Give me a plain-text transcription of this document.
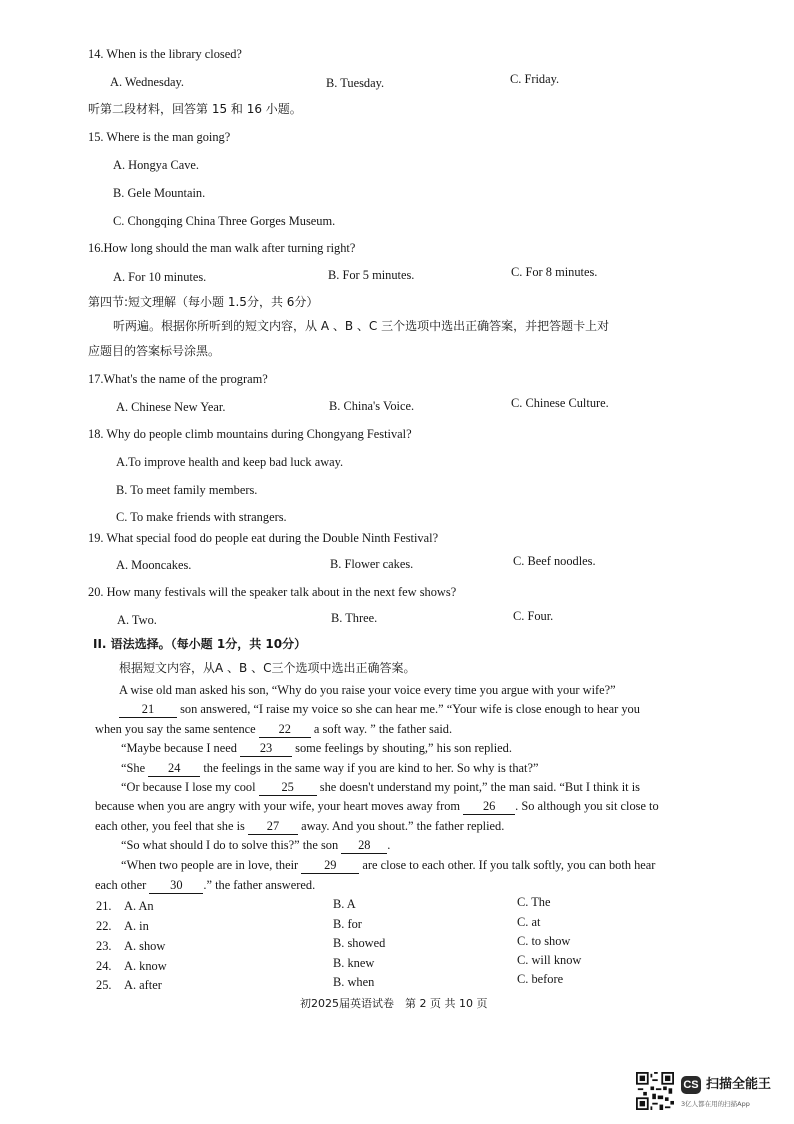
14. When is the library closed?
A. Wednesday.	B. Tuesday.	C. Friday.
听第二段材料，回答第 15 和 16 小题。
15. Where is the man going?
A. Hongya Cave.
B. Gele Mountain.
C. Chongqing China Three Gorges Museum.
16.How long should the man walk after turning right?
A. For 10 minutes.	B. For 5 minutes.	C. For 8 minutes.
第四节:短文理解（每小题 1.5分，共 6分）
听两遍。根据你所听到的短文内容，从 A 、B 、C 三个选项中选出正确答案，并把答题卡上对
应题目的答案标号涂黑。
17.What's the name of the program?
A. Chinese New Year.	B. China's Voice.	C. Chinese Culture.
18. Why do people climb mountains during Chongyang Festival?
A.To improve health and keep bad luck away.
B. To meet family members.
C. To make friends with strangers.
19. What special food do people eat during the Double Ninth Festival?
A. Mooncakes.	B. Flower cakes.	C. Beef noodles.
20. How many festivals will the speaker talk about in the next few shows?
A. Two.	B. Three.	C. Four.
II. 语法选择。（每小题 1分，共 10分）
根据短文内容，从A 、B 、C三个选项中选出正确答案。
A wise old man asked his son, “Why do you raise your voice every time you argue with your wife?”
21 son answered, “I raise my voice so she can hear me.” “Your wife is close enough to hear you
when you say the same sentence 22 a soft way. ” the father said.
“Maybe because I need 23 some feelings by shouting,” his son replied.
“She 24 the feelings in the same way if you are kind to her. So why is that?”
“Or because I lose my cool 25 she doesn't understand my point,” the man said. “But I think it is
because when you are angry with your wife, your heart moves away from 26 . So although you sit close to
each other, you feel that she is 27 away. And you shout.” the father replied.
“So what should I do to solve this?” the son 28 .
“When two people are in love, their 29 are close to each other. If you talk softly, you can both hear
each other 30 .” the father answered.
21. A. An	B. A	C. The
22. A. in	B. for	C. at
23. A. show	B. showed	C. to show
24. A. know	B. knew	C. will know
25. A. after	B. when	C. before
初2025届英语试卷　第 2 页 共 10 页
CS 扫描全能王
3亿人都在用的扫描App
